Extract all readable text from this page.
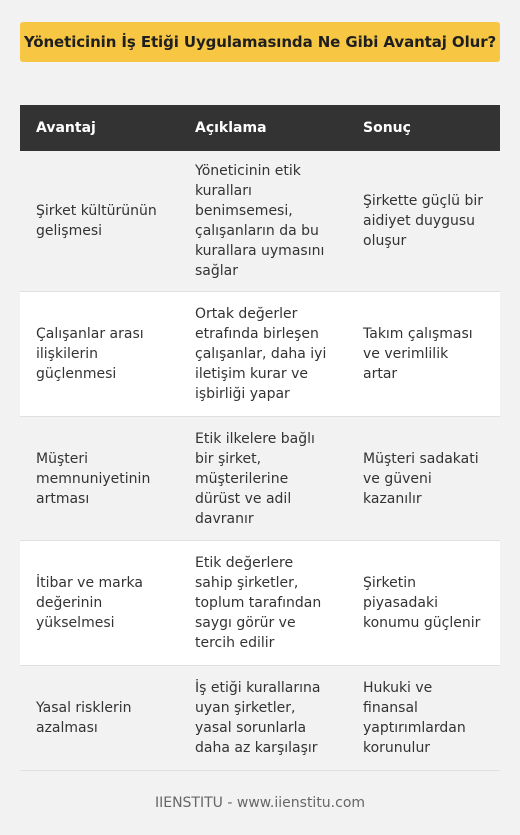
Yöneticinin İş Etiği Uygulamasında Ne Gibi Avantaj Olur?
Avantaj	Açıklama	Sonuç
Şirket kültürünün gelişmesi	Yöneticinin etik kuralları benimsemesi, çalışanların da bu kurallara uymasını sağlar	Şirkette güçlü bir aidiyet duygusu oluşur
Çalışanlar arası ilişkilerin güçlenmesi	Ortak değerler etrafında birleşen çalışanlar, daha iyi iletişim kurar ve işbirliği yapar	Takım çalışması ve verimlilik artar
Müşteri memnuniyetinin artması	Etik ilkelere bağlı bir şirket, müşterilerine dürüst ve adil davranır	Müşteri sadakati ve güveni kazanılır
İtibar ve marka değerinin yükselmesi	Etik değerlere sahip şirketler, toplum tarafından saygı görür ve tercih edilir	Şirketin piyasadaki konumu güçlenir
Yasal risklerin azalması	İş etiği kurallarına uyan şirketler, yasal sorunlarla daha az karşılaşır	Hukuki ve finansal yaptırımlardan korunulur
IIENSTITU - www.iienstitu.com
